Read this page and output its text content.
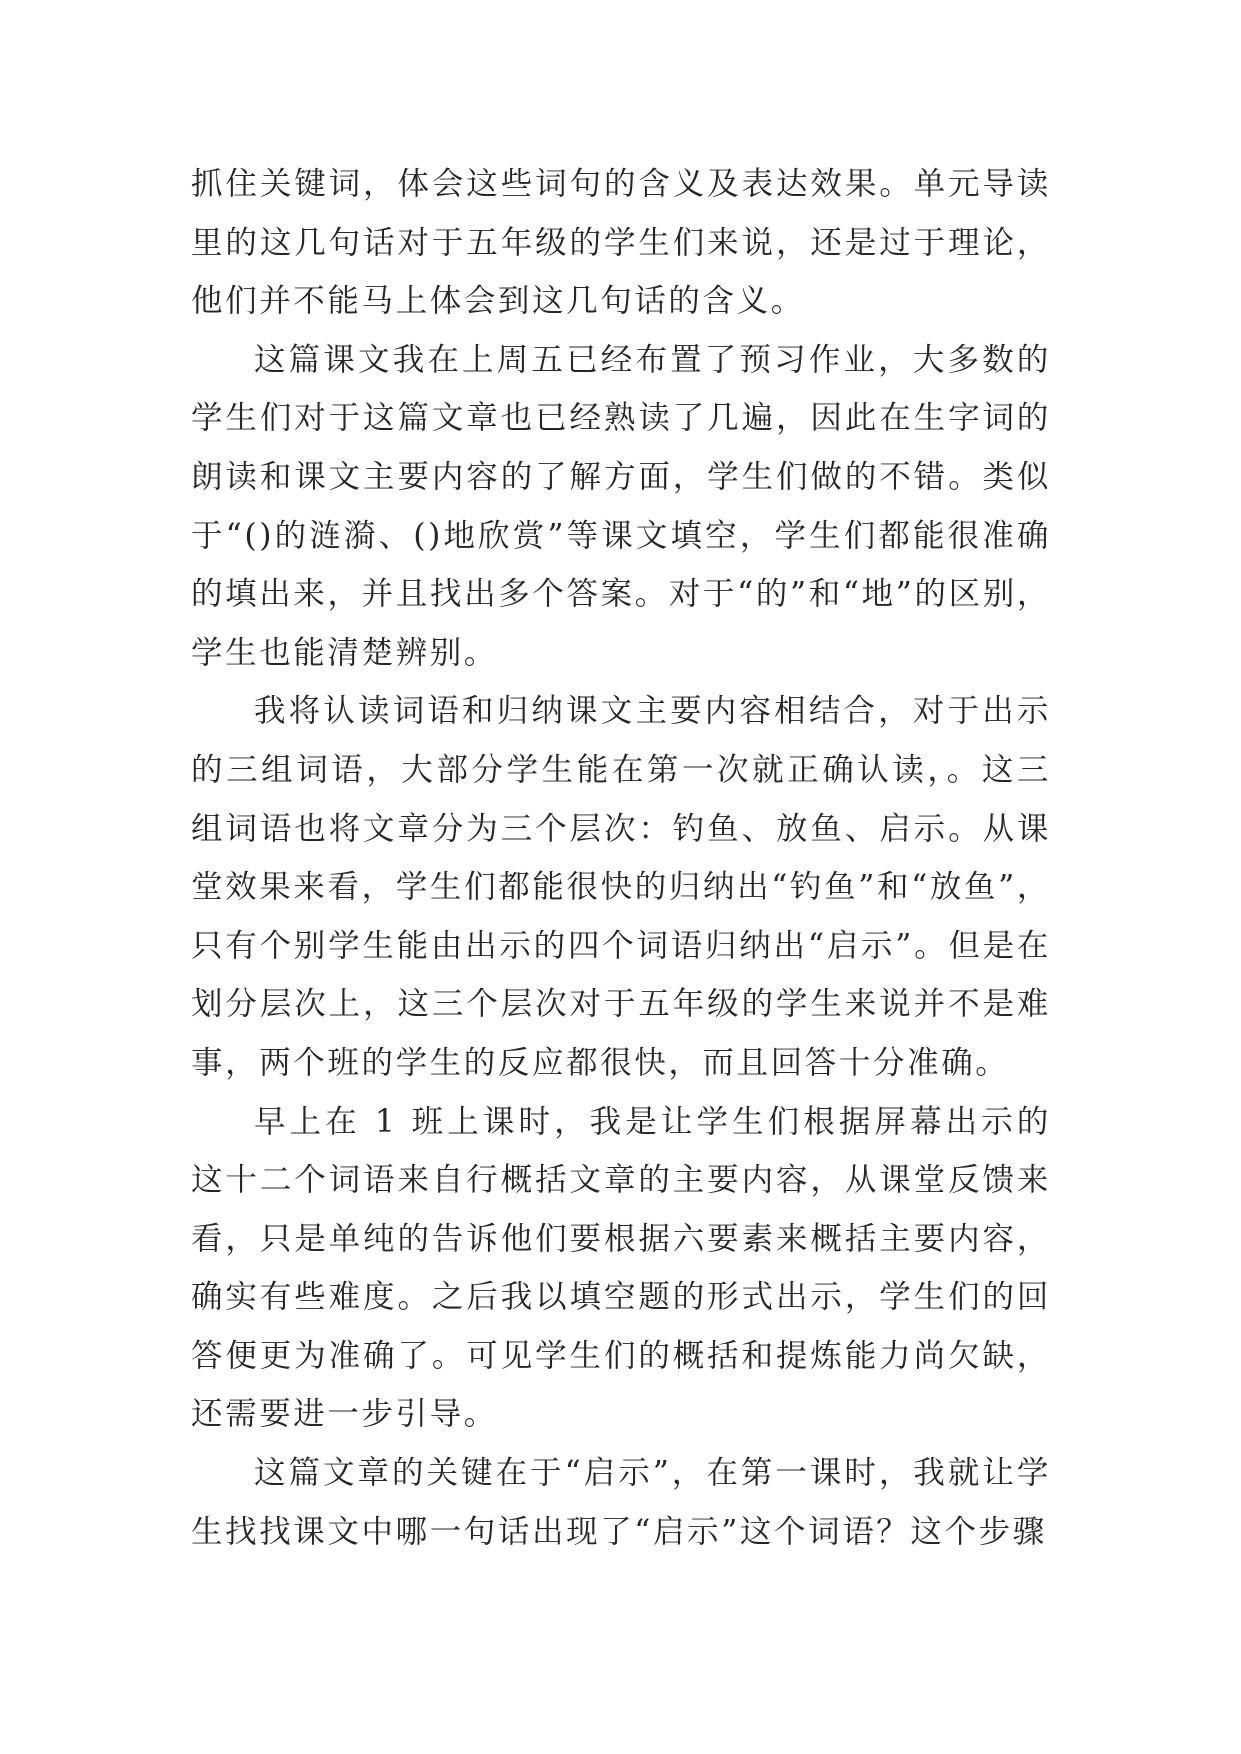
抓住关键词，体会这些词句的含义及表达效果。单元导读里的这几句话对于五年级的学生们来说，还是过于理论，他们并不能马上体会到这几句话的含义。

这篇课文我在上周五已经布置了预习作业，大多数的学生们对于这篇文章也已经熟读了几遍，因此在生字词的朗读和课文主要内容的了解方面，学生们做的不错。类似于“()的涟漪、()地欣赏”等课文填空，学生们都能很准确的填出来，并且找出多个答案。对于“的”和“地”的区别，学生也能清楚辨别。

我将认读词语和归纳课文主要内容相结合，对于出示的三组词语，大部分学生能在第一次就正确认读，。这三组词语也将文章分为三个层次：钓鱼、放鱼、启示。从课堂效果来看，学生们都能很快的归纳出“钓鱼”和“放鱼”，只有个别学生能由出示的四个词语归纳出“启示”。但是在划分层次上，这三个层次对于五年级的学生来说并不是难事，两个班的学生的反应都很快，而且回答十分准确。

早上在 1 班上课时，我是让学生们根据屏幕出示的这十二个词语来自行概括文章的主要内容，从课堂反馈来看，只是单纯的告诉他们要根据六要素来概括主要内容，确实有些难度。之后我以填空题的形式出示，学生们的回答便更为准确了。可见学生们的概括和提炼能力尚欠缺，还需要进一步引导。

这篇文章的关键在于“启示”，在第一课时，我就让学生找找课文中哪一句话出现了“启示”这个词语？这个步骤
